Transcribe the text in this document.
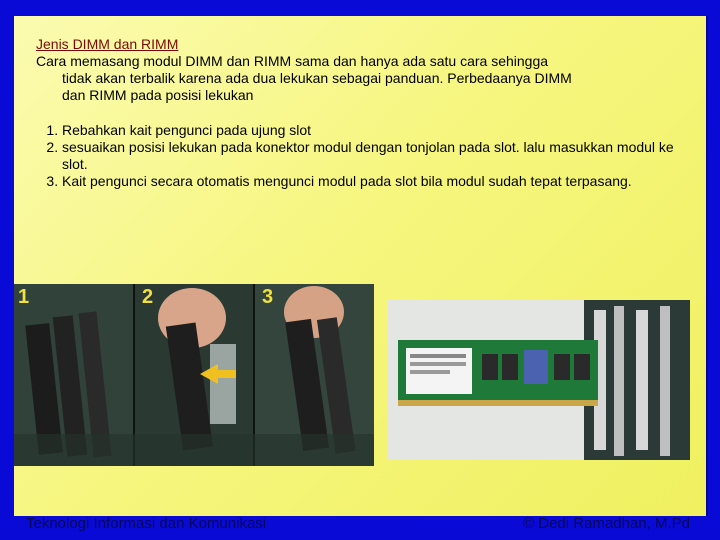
Jenis DIMM dan RIMM

Cara memasang modul DIMM dan RIMM sama dan hanya ada satu cara sehingga

tidak akan terbalik karena ada dua lekukan sebagai panduan. Perbedaanya DIMM

dan RIMM pada posisi lekukan

1. Rebahkan kait pengunci pada ujung slot
2. sesuaikan posisi lekukan pada konektor modul dengan tonjolan pada slot. lalu masukkan modul ke slot.
3. Kait pengunci secara otomatis mengunci modul pada slot bila modul sudah tepat terpasang.
1	2	3
Teknologi Informasi dan Komunikasi	© Dedi Ramadhan, M.Pd
